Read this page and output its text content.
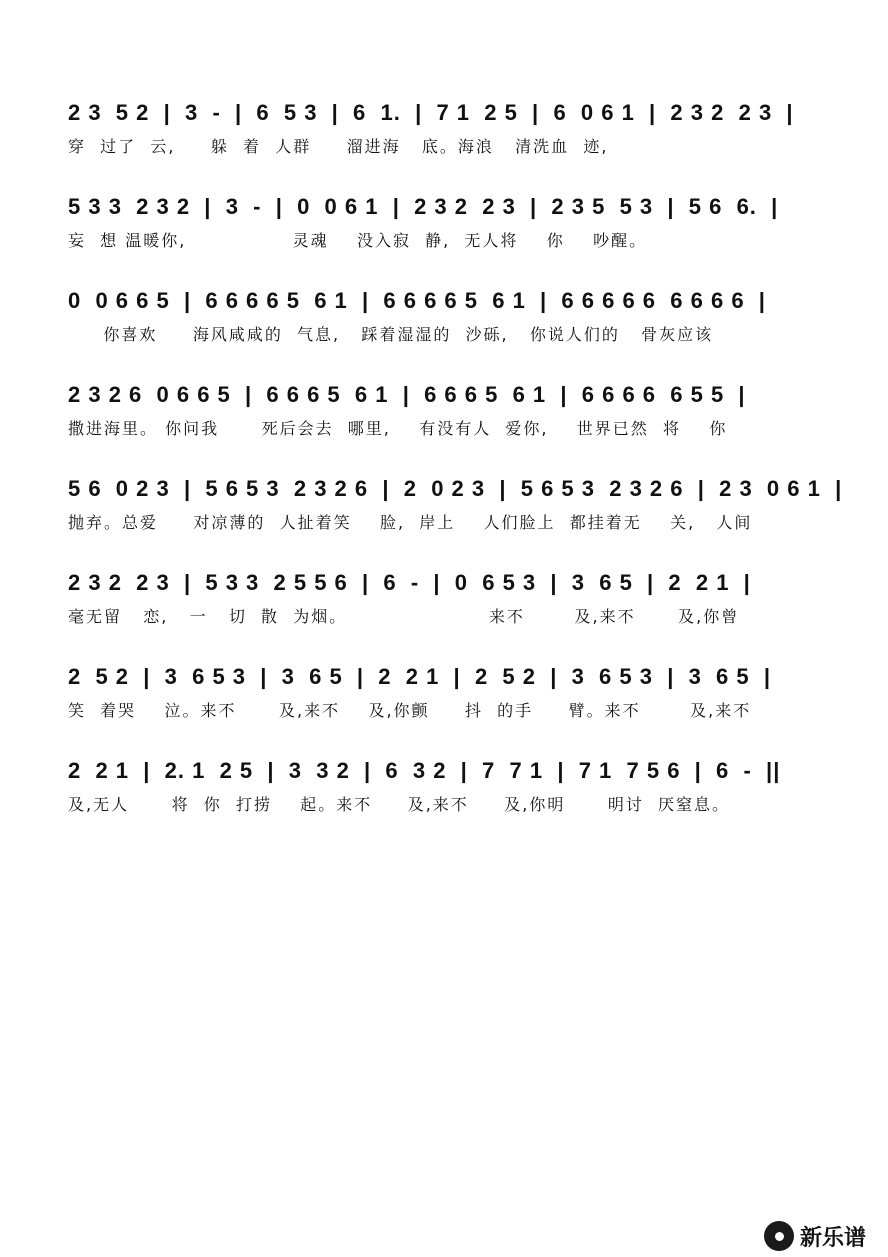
2 3  5 2  |  3  -  |  6  5 3  |  6  1.  |  7 1  2 5  |  6  0 6 1  |  2 3 2  2 3  |
穿  过了  云,     躲  着  人群     溜进海   底。海浪   清洗血  迹,
5 3 3  2 3 2  |  3  -  |  0  0 6 1  |  2 3 2  2 3  |  2 3 5  5 3  |  5 6  6.  |
妄  想 温暖你,               灵魂    没入寂  静,  无人将    你    吵醒。
0  0 6 6 5  |  6 6 6 6 5  6 1  |  6 6 6 6 5  6 1  |  6 6 6 6 6  6 6 6 6  |
你喜欢     海风咸咸的  气息,   踩着湿湿的  沙砾,   你说人们的   骨灰应该
2 3 2 6  0 6 6 5  |  6 6 6 5  6 1  |  6 6 6 5  6 1  |  6 6 6 6  6 5 5  |
撒进海里。 你问我      死后会去  哪里,    有没有人  爱你,    世界已然  将    你
5 6  0 2 3  |  5 6 5 3  2 3 2 6  |  2  0 2 3  |  5 6 5 3  2 3 2 6  |  2 3  0 6 1  |
抛弃。总爱     对凉薄的  人扯着笑    脸,  岸上    人们脸上  都挂着无    关,   人间
2 3 2  2 3  |  5 3 3  2 5 5 6  |  6  -  |  0  6 5 3  |  3  6 5  |  2  2 1  |
毫无留   恋,   一   切  散  为烟。                    来不       及,来不      及,你曾
2  5 2  |  3  6 5 3  |  3  6 5  |  2  2 1  |  2  5 2  |  3  6 5 3  |  3  6 5  |
笑  着哭    泣。来不      及,来不    及,你颤     抖  的手     臂。来不       及,来不
2  2 1  |  2. 1  2 5  |  3  3 2  |  6  3 2  |  7  7 1  |  7 1  7 5 6  |  6  -  ||
及,无人      将  你  打捞    起。来不     及,来不     及,你明      明讨  厌窒息。
新乐谱
